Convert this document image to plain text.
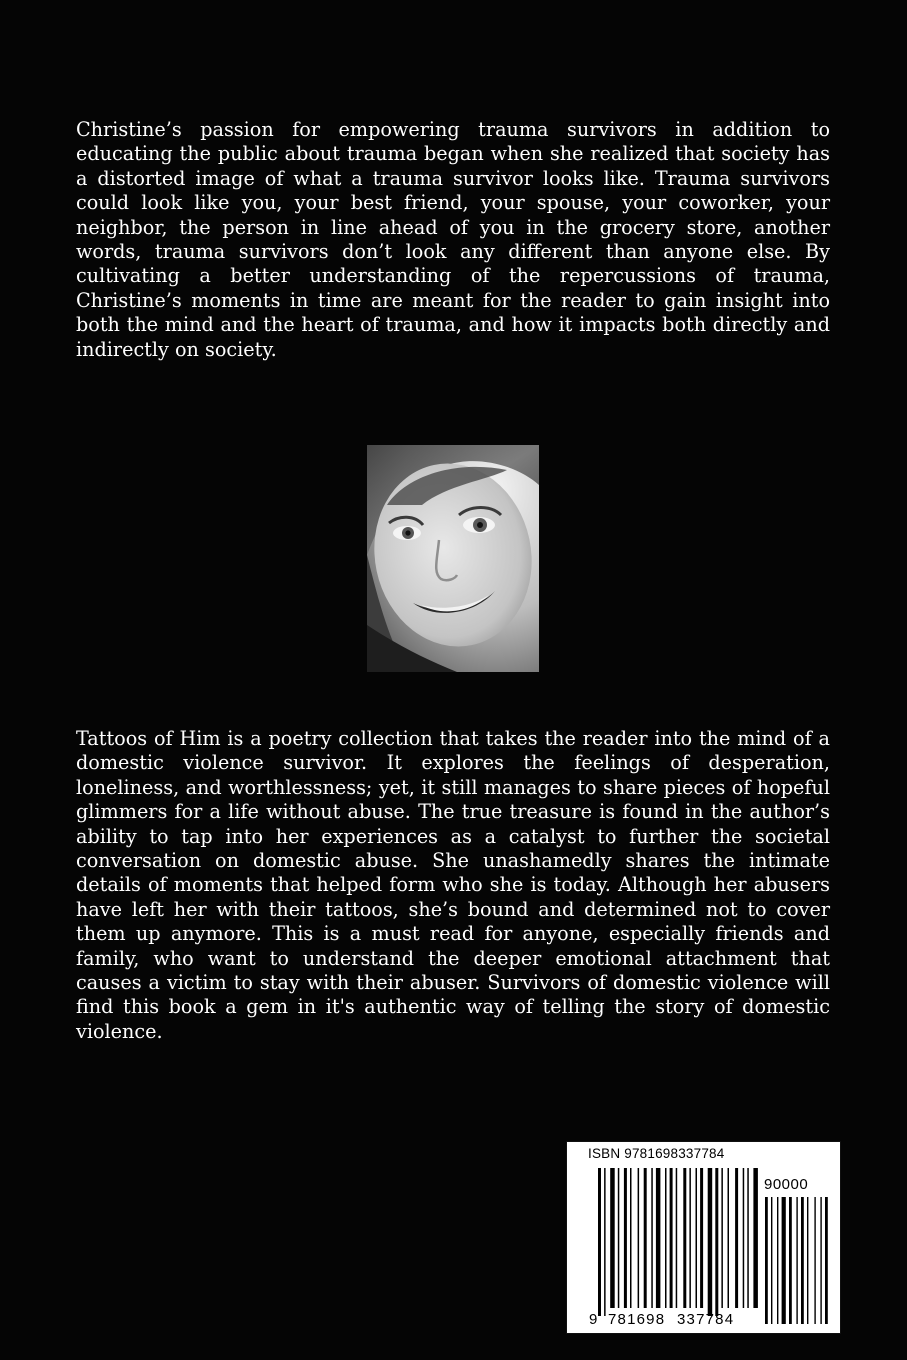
Christine’s passion for empowering trauma survivors in addition to educating the public about trauma began when she realized that society has a distorted image of what a trauma survivor looks like. Trauma survivors could look like you, your best friend, your spouse, your coworker, your neighbor, the person in line ahead of you in the grocery store, another words, trauma survivors don’t look any different than anyone else. By cultivating a better understanding of the repercussions of trauma, Christine’s moments in time are meant for the reader to gain insight into both the mind and the heart of trauma, and how it impacts both directly and indirectly on society.

Tattoos of Him is a poetry collection that takes the reader into the mind of a domestic violence survivor. It explores the feelings of desperation, loneliness, and worthlessness; yet, it still manages to share pieces of hopeful glimmers for a life without abuse. The true treasure is found in the author’s ability to tap into her experiences as a catalyst to further the societal conversation on domestic abuse. She unashamedly shares the intimate details of moments that helped form who she is today. Although her abusers have left her with their tattoos, she’s bound and determined not to cover them up anymore. This is a must read for anyone, especially friends and family, who want to understand the deeper emotional attachment that causes a victim to stay with their abuser. Survivors of domestic violence will find this book a gem in it's authentic way of telling the story of domestic violence.

ISBN 9781698337784
90000
9 781698 337784
